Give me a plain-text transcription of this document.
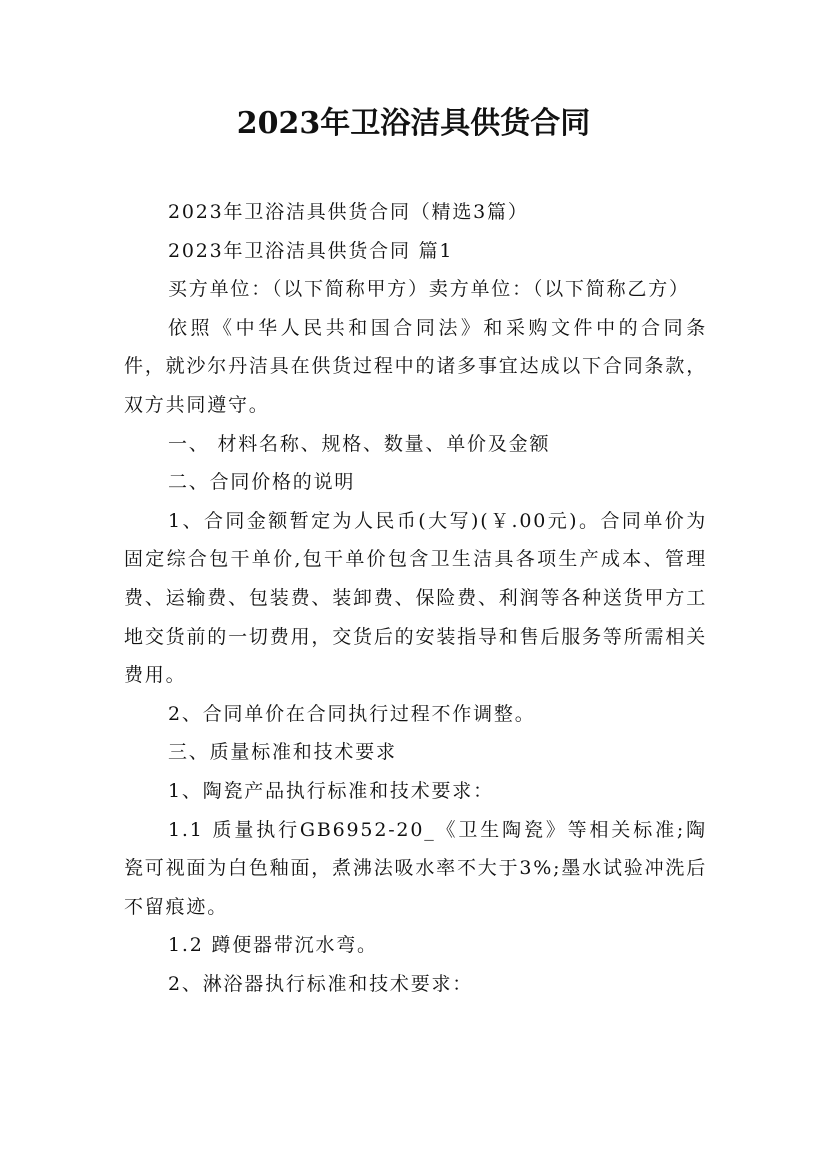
2023年卫浴洁具供货合同

2023年卫浴洁具供货合同（精选3篇）

2023年卫浴洁具供货合同 篇1

买方单位：（以下简称甲方）卖方单位：（以下简称乙方）

依照《中华人民共和国合同法》和采购文件中的合同条件，就沙尔丹洁具在供货过程中的诸多事宜达成以下合同条款，双方共同遵守。

一、 材料名称、规格、数量、单价及金额

二、合同价格的说明

1、合同金额暂定为人民币(大写)(￥.00元)。合同单价为固定综合包干单价,包干单价包含卫生洁具各项生产成本、管理费、运输费、包装费、装卸费、保险费、利润等各种送货甲方工地交货前的一切费用，交货后的安装指导和售后服务等所需相关费用。

2、合同单价在合同执行过程不作调整。

三、质量标准和技术要求

1、陶瓷产品执行标准和技术要求：

1.1 质量执行GB6952-20_《卫生陶瓷》等相关标准;陶瓷可视面为白色釉面，煮沸法吸水率不大于3%;墨水试验冲洗后不留痕迹。

1.2 蹲便器带沉水弯。

2、淋浴器执行标准和技术要求：
